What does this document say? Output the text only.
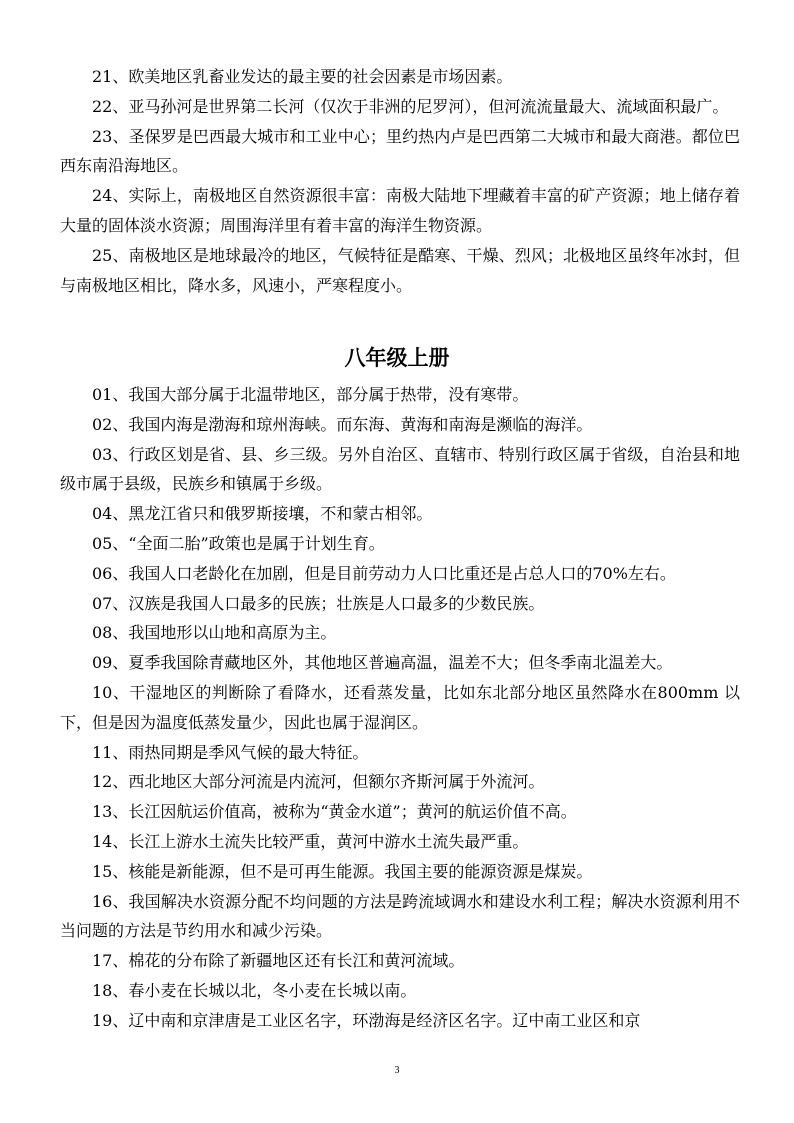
21、欧美地区乳畜业发达的最主要的社会因素是市场因素。

22、亚马孙河是世界第二长河（仅次于非洲的尼罗河），但河流流量最大、流域面积最广。

23、圣保罗是巴西最大城市和工业中心；里约热内卢是巴西第二大城市和最大商港。都位巴西东南沿海地区。

24、实际上，南极地区自然资源很丰富：南极大陆地下埋藏着丰富的矿产资源；地上储存着大量的固体淡水资源；周围海洋里有着丰富的海洋生物资源。

25、南极地区是地球最冷的地区，气候特征是酷寒、干燥、烈风；北极地区虽终年冰封，但与南极地区相比，降水多，风速小，严寒程度小。

八年级上册

01、我国大部分属于北温带地区，部分属于热带，没有寒带。

02、我国内海是渤海和琼州海峡。而东海、黄海和南海是濒临的海洋。

03、行政区划是省、县、乡三级。另外自治区、直辖市、特别行政区属于省级，自治县和地级市属于县级，民族乡和镇属于乡级。

04、黑龙江省只和俄罗斯接壤，不和蒙古相邻。

05、“全面二胎”政策也是属于计划生育。

06、我国人口老龄化在加剧，但是目前劳动力人口比重还是占总人口的70%左右。

07、汉族是我国人口最多的民族；壮族是人口最多的少数民族。

08、我国地形以山地和高原为主。

09、夏季我国除青藏地区外，其他地区普遍高温，温差不大；但冬季南北温差大。

10、干湿地区的判断除了看降水，还看蒸发量，比如东北部分地区虽然降水在800mm 以下，但是因为温度低蒸发量少，因此也属于湿润区。

11、雨热同期是季风气候的最大特征。

12、西北地区大部分河流是内流河，但额尔齐斯河属于外流河。

13、长江因航运价值高，被称为“黄金水道”；黄河的航运价值不高。

14、长江上游水土流失比较严重，黄河中游水土流失最严重。

15、核能是新能源，但不是可再生能源。我国主要的能源资源是煤炭。

16、我国解决水资源分配不均问题的方法是跨流域调水和建设水利工程；解决水资源利用不当问题的方法是节约用水和减少污染。

17、棉花的分布除了新疆地区还有长江和黄河流域。

18、春小麦在长城以北，冬小麦在长城以南。

19、辽中南和京津唐是工业区名字，环渤海是经济区名字。辽中南工业区和京

3
